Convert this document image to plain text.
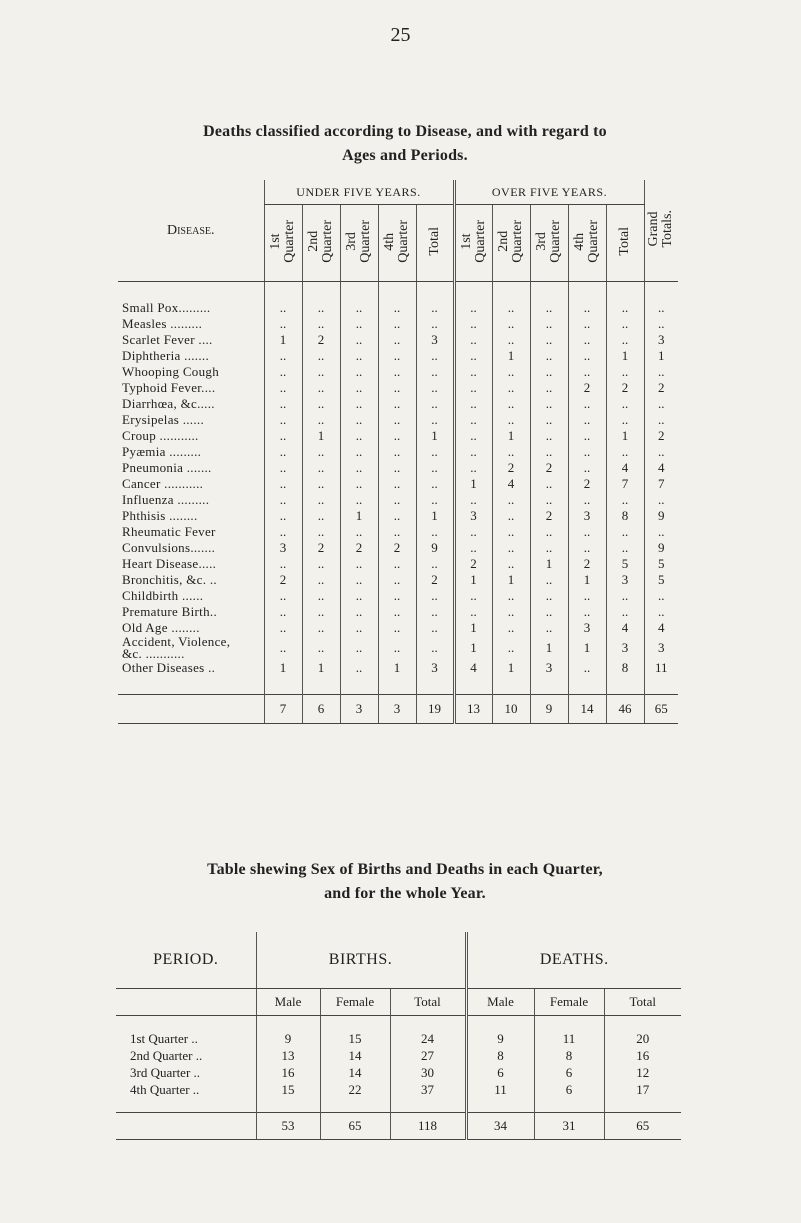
25
Deaths classified according to Disease, and with regard to
Ages and Periods.
Disease.	UNDER FIVE YEARS.					OVER FIVE YEARS.					Grand
Totals.
	1st
Quarter	2nd
Quarter	3rd
Quarter	4th
Quarter	Total	1st
Quarter	2nd
Quarter	3rd
Quarter	4th
Quarter	Total	

Small Pox.........	..	..	..	..	..	..	..	..	..	..	..
Measles .........	..	..	..	..	..	..	..	..	..	..	..
Scarlet Fever ....	1	2	..	..	3	..	..	..	..	..	3
Diphtheria .......	..	..	..	..	..	..	1	..	..	1	1
Whooping Cough	..	..	..	..	..	..	..	..	..	..	..
Typhoid Fever....	..	..	..	..	..	..	..	..	2	2	2
Diarrhœa, &c.....	..	..	..	..	..	..	..	..	..	..	..
Erysipelas ......	..	..	..	..	..	..	..	..	..	..	..
Croup ...........	..	1	..	..	1	..	1	..	..	1	2
Pyæmia .........	..	..	..	..	..	..	..	..	..	..	..
Pneumonia .......	..	..	..	..	..	..	2	2	..	4	4
Cancer ...........	..	..	..	..	..	1	4	..	2	7	7
Influenza .........	..	..	..	..	..	..	..	..	..	..	..
Phthisis ........	..	..	1	..	1	3	..	2	3	8	9
Rheumatic Fever	..	..	..	..	..	..	..	..	..	..	..
Convulsions.......	3	2	2	2	9	..	..	..	..	..	9
Heart Disease.....	..	..	..	..	..	2	..	1	2	5	5
Bronchitis, &c. ..	2	..	..	..	2	1	1	..	1	3	5
Childbirth ......	..	..	..	..	..	..	..	..	..	..	..
Premature Birth..	..	..	..	..	..	..	..	..	..	..	..
Old Age ........	..	..	..	..	..	1	..	..	3	4	4
Accident, Violence,
&c. ...........	..	..	..	..	..	1	..	1	1	3	3
Other Diseases ..	1	1	..	1	3	4	1	3	..	8	11

	7	6	3	3	19	13	10	9	14	46	65
Table shewing Sex of Births and Deaths in each Quarter,
and for the whole Year.
PERIOD.	BIRTHS.			DEATHS.		
	Male	Female	Total	Male	Female	Total

1st Quarter ..	9	15	24	9	11	20
2nd Quarter ..	13	14	27	8	8	16
3rd Quarter ..	16	14	30	6	6	12
4th Quarter ..	15	22	37	11	6	17

	53	65	118	34	31	65
